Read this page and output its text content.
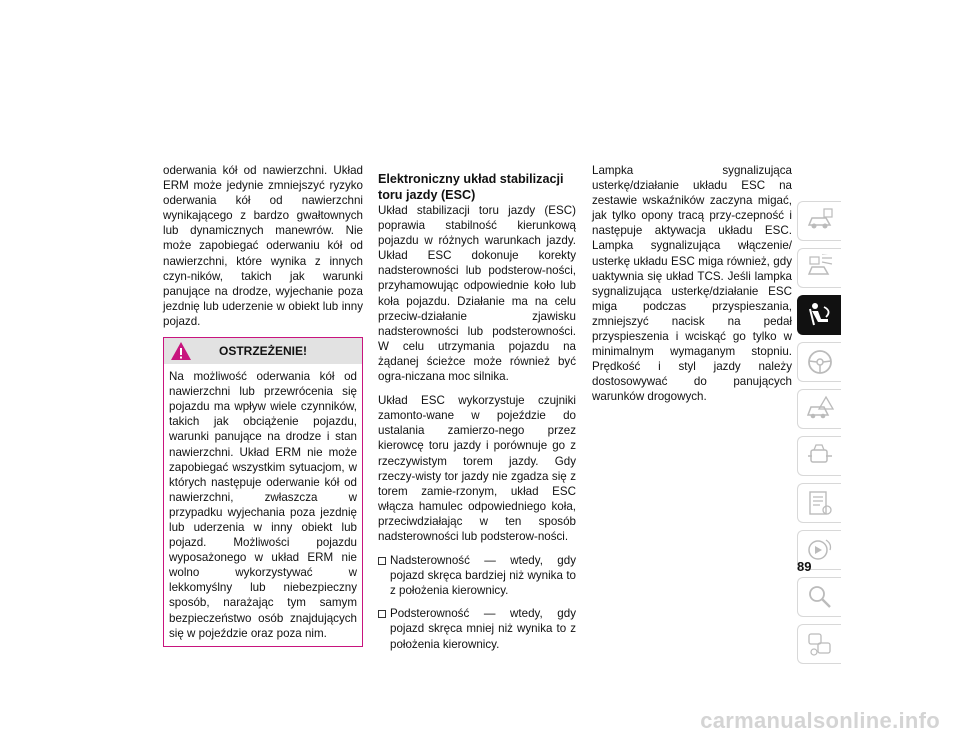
oderwania kół od nawierzchni. Układ ERM może jedynie zmniejszyć ryzyko oderwania kół od nawierzchni wynikającego z bardzo gwałtownych lub dynamicznych manewrów. Nie może zapobiegać oderwaniu kół od nawierzchni, które wynika z innych czyn-ników, takich jak warunki panujące na drodze, wyjechanie poza jezdnię lub uderzenie w obiekt lub inny pojazd.

OSTRZEŻENIE!
Na możliwość oderwania kół od nawierzchni lub przewrócenia się pojazdu ma wpływ wiele czynników, takich jak obciążenie pojazdu, warunki panujące na drodze i stan nawierzchni. Układ ERM nie może zapobiegać wszystkim sytuacjom, w których następuje oderwanie kół od nawierzchni, zwłaszcza w przypadku wyjechania poza jezdnię lub uderzenia w inny obiekt lub pojazd. Możliwości pojazdu wyposażonego w układ ERM nie wolno wykorzystywać w lekkomyślny lub niebezpieczny sposób, narażając tym samym bezpieczeństwo osób znajdujących się w pojeździe oraz poza nim.

Elektroniczny układ stabilizacji toru jazdy (ESC)

Układ stabilizacji toru jazdy (ESC) poprawia stabilność kierunkową pojazdu w różnych warunkach jazdy. Układ ESC dokonuje korekty nadsterowności lub podsterow-ności, przyhamowując odpowiednie koło lub koła pojazdu. Działanie ma na celu przeciw-działanie zjawisku nadsterowności lub podsterowności. W celu utrzymania pojazdu na żądanej ścieżce może również być ogra-niczana moc silnika.

Układ ESC wykorzystuje czujniki zamonto-wane w pojeździe do ustalania zamierzo-nego przez kierowcę toru jazdy i porównuje go z rzeczywistym torem jazdy. Gdy rzeczy-wisty tor jazdy nie zgadza się z torem zamie-rzonym, układ ESC włącza hamulec odpowiedniego koła, przeciwdziałając w ten sposób nadsterowności lub podsterow-ności.

Nadsterowność — wtedy, gdy pojazd skręca bardziej niż wynika to z położenia kierownicy.
Podsterowność — wtedy, gdy pojazd skręca mniej niż wynika to z położenia kierownicy.

Lampka sygnalizująca usterkę/działanie układu ESC na zestawie wskaźników zaczyna migać, jak tylko opony tracą przy-czepność i następuje aktywacja układu ESC. Lampka sygnalizująca włączenie/ usterkę układu ESC miga również, gdy uaktywnia się układ TCS. Jeśli lampka sygnalizująca usterkę/działanie ESC miga podczas przyspieszania, zmniejszyć nacisk na pedał przyspieszenia i wciskąć go tylko w minimalnym wymaganym stopniu. Prędkość i styl jazdy należy dostosowywać do panujących warunków drogowych.

89
carmanualsonline.info
